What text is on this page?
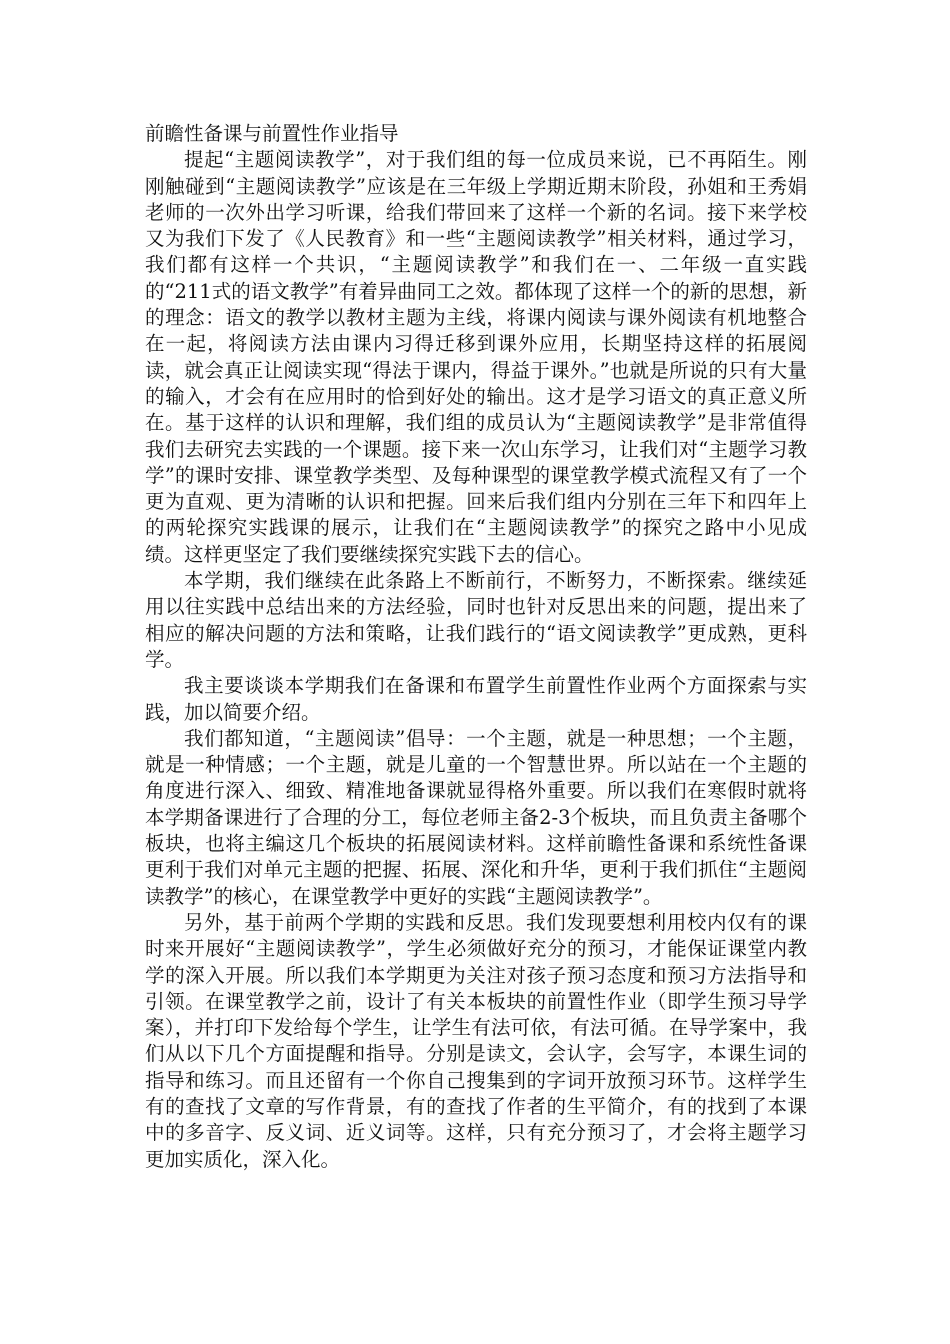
前瞻性备课与前置性作业指导

提起“主题阅读教学”，对于我们组的每一位成员来说，已不再陌生。刚刚触碰到“主题阅读教学”应该是在三年级上学期近期末阶段，孙姐和王秀娟老师的一次外出学习听课，给我们带回来了这样一个新的名词。接下来学校又为我们下发了《人民教育》和一些“主题阅读教学”相关材料，通过学习，我们都有这样一个共识，“主题阅读教学”和我们在一、二年级一直实践的“211式的语文教学”有着异曲同工之效。都体现了这样一个的新的思想，新的理念：语文的教学以教材主题为主线，将课内阅读与课外阅读有机地整合在一起，将阅读方法由课内习得迁移到课外应用，长期坚持这样的拓展阅读，就会真正让阅读实现“得法于课内，得益于课外。”也就是所说的只有大量的输入，才会有在应用时的恰到好处的输出。这才是学习语文的真正意义所在。基于这样的认识和理解，我们组的成员认为“主题阅读教学”是非常值得我们去研究去实践的一个课题。接下来一次山东学习，让我们对“主题学习教学”的课时安排、课堂教学类型、及每种课型的课堂教学模式流程又有了一个更为直观、更为清晰的认识和把握。回来后我们组内分别在三年下和四年上的两轮探究实践课的展示，让我们在“主题阅读教学”的探究之路中小见成绩。这样更坚定了我们要继续探究实践下去的信心。

本学期，我们继续在此条路上不断前行，不断努力，不断探索。继续延用以往实践中总结出来的方法经验，同时也针对反思出来的问题，提出来了相应的解决问题的方法和策略，让我们践行的“语文阅读教学”更成熟，更科学。

我主要谈谈本学期我们在备课和布置学生前置性作业两个方面探索与实践，加以简要介绍。

我们都知道，“主题阅读”倡导：一个主题，就是一种思想；一个主题，就是一种情感；一个主题，就是儿童的一个智慧世界。所以站在一个主题的角度进行深入、细致、精准地备课就显得格外重要。所以我们在寒假时就将本学期备课进行了合理的分工，每位老师主备2-3个板块，而且负责主备哪个板块，也将主编这几个板块的拓展阅读材料。这样前瞻性备课和系统性备课更利于我们对单元主题的把握、拓展、深化和升华，更利于我们抓住“主题阅读教学”的核心，在课堂教学中更好的实践“主题阅读教学”。

另外，基于前两个学期的实践和反思。我们发现要想利用校内仅有的课时来开展好“主题阅读教学”，学生必须做好充分的预习，才能保证课堂内教学的深入开展。所以我们本学期更为关注对孩子预习态度和预习方法指导和引领。在课堂教学之前，设计了有关本板块的前置性作业（即学生预习导学案），并打印下发给每个学生，让学生有法可依，有法可循。在导学案中，我们从以下几个方面提醒和指导。分别是读文，会认字，会写字，本课生词的指导和练习。而且还留有一个你自己搜集到的字词开放预习环节。这样学生有的查找了文章的写作背景，有的查找了作者的生平简介，有的找到了本课中的多音字、反义词、近义词等。这样，只有充分预习了，才会将主题学习更加实质化，深入化。
